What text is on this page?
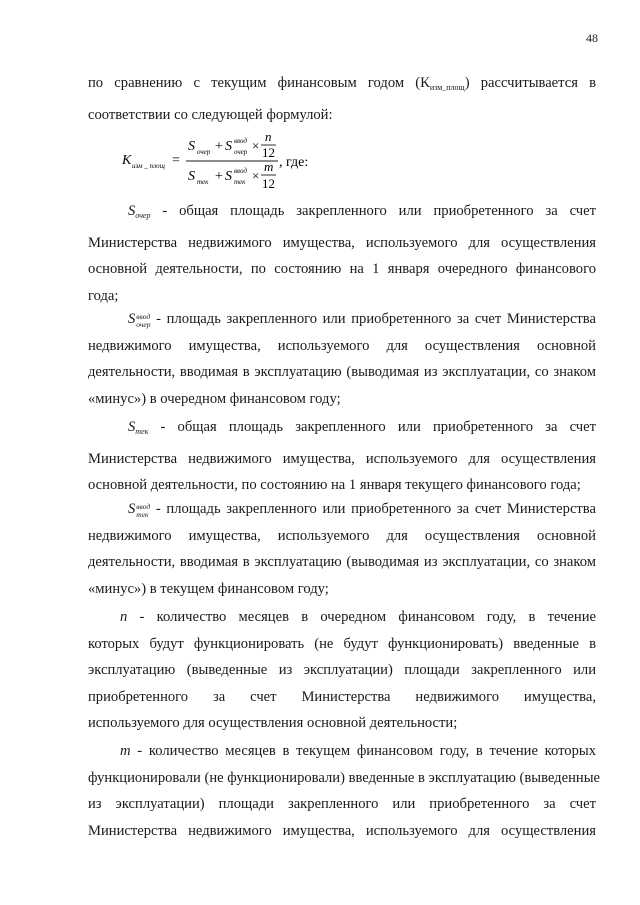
48
по сравнению с текущим финансовым годом $(К_{изм\_площ})$ рассчитывается в
соответствии со следующей формулой:
K изм _ площ =
S очер + S ввод
очер ×
n
12
S тек + S ввод
тек ×
m
12
, где:
$S_{очер}$ - общая площадь закрепленного или приобретенного за счет
Министерства недвижимого имущества, используемого для осуществления
основной деятельности, по состоянию на 1 января очередного финансового
года;
S ввод
очер - площадь закрепленного или приобретенного за счет Министерства
недвижимого имущества, используемого для осуществления основной
деятельности, вводимая в эксплуатацию (выводимая из эксплуатации, со знаком
«минус») в очередном финансовом году;
$S_{тек}$ - общая площадь закрепленного или приобретенного за счет
Министерства недвижимого имущества, используемого для осуществления
основной деятельности, по состоянию на 1 января текущего финансового года;
S ввод
тек - площадь закрепленного или приобретенного за счет Министерства
недвижимого имущества, используемого для осуществления основной
деятельности, вводимая в эксплуатацию (выводимая из эксплуатации, со знаком
«минус») в текущем финансовом году;
n - количество месяцев в очередном финансовом году, в течение
которых будут функционировать (не будут функционировать) введенные в
эксплуатацию (выведенные из эксплуатации) площади закрепленного или
приобретенного за счет Министерства недвижимого имущества,
используемого для осуществления основной деятельности;
m - количество месяцев в текущем финансовом году, в течение которых
функционировали (не функционировали) введенные в эксплуатацию (выведенные
из эксплуатации) площади закрепленного или приобретенного за счет
Министерства недвижимого имущества, используемого для осуществления
